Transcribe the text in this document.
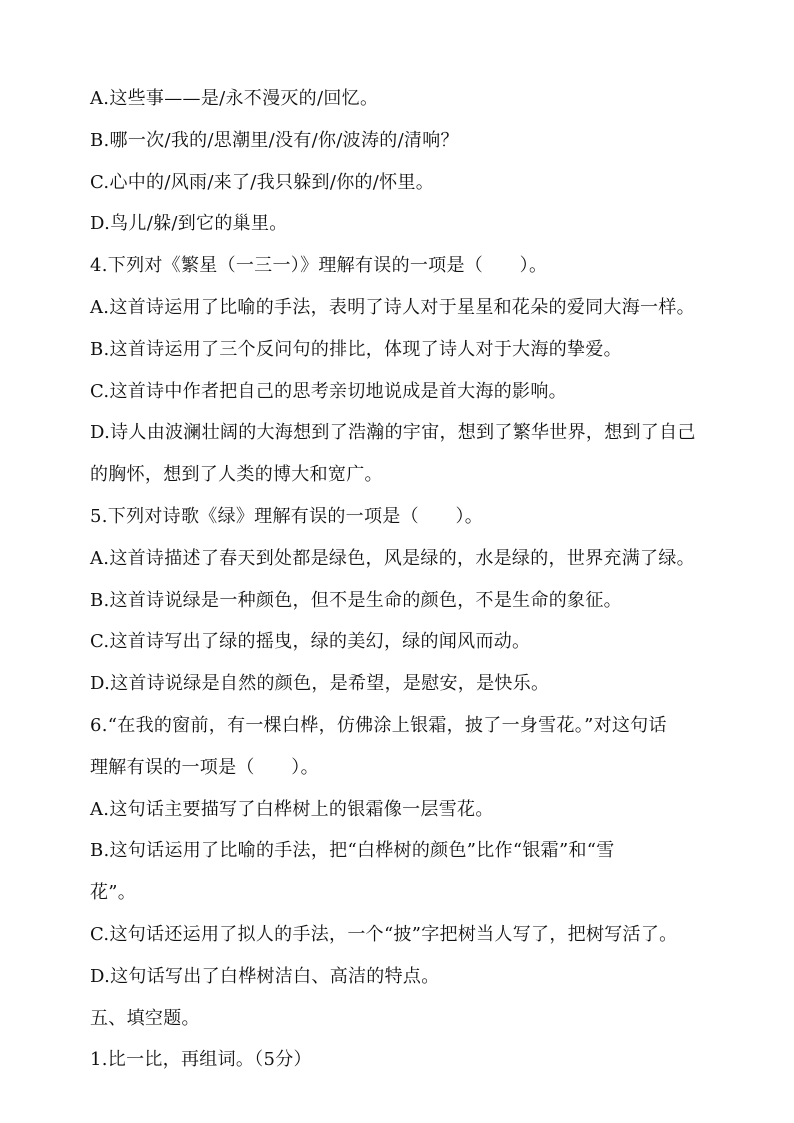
A.这些事——是/永不漫灭的/回忆。
B.哪一次/我的/思潮里/没有/你/波涛的/清响？
C.心中的/风雨/来了/我只躲到/你的/怀里。
D.鸟儿/躲/到它的巢里。
4.下列对《繁星（一三一）》理解有误的一项是（　　）。
A.这首诗运用了比喻的手法，表明了诗人对于星星和花朵的爱同大海一样。
B.这首诗运用了三个反问句的排比，体现了诗人对于大海的挚爱。
C.这首诗中作者把自己的思考亲切地说成是首大海的影响。
D.诗人由波澜壮阔的大海想到了浩瀚的宇宙，想到了繁华世界，想到了自己
的胸怀，想到了人类的博大和宽广。
5.下列对诗歌《绿》理解有误的一项是（　　）。
A.这首诗描述了春天到处都是绿色，风是绿的，水是绿的，世界充满了绿。
B.这首诗说绿是一种颜色，但不是生命的颜色，不是生命的象征。
C.这首诗写出了绿的摇曳，绿的美幻，绿的闻风而动。
D.这首诗说绿是自然的颜色，是希望，是慰安，是快乐。
6.“在我的窗前，有一棵白桦，仿佛涂上银霜，披了一身雪花。”对这句话
理解有误的一项是（　　）。
A.这句话主要描写了白桦树上的银霜像一层雪花。
B.这句话运用了比喻的手法，把“白桦树的颜色”比作“银霜”和“雪
花”。
C.这句话还运用了拟人的手法，一个“披”字把树当人写了，把树写活了。
D.这句话写出了白桦树洁白、高洁的特点。
五、填空题。
1.比一比，再组词。（5分）
